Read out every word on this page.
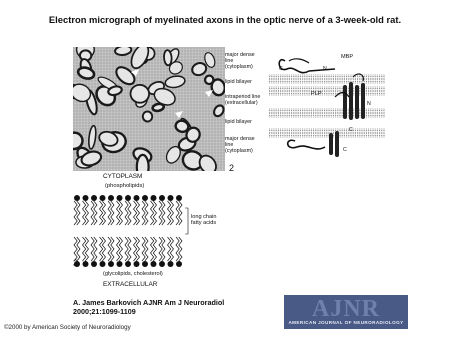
Electron micrograph of myelinated axons in the optic nerve of a 3-week-old rat.
major dense
line
(cytoplasm)
lipid bilayer
intraperiod line
(extracellular)
lipid bilayer
major dense
line
(cytoplasm)
MBP
PLP
C	N
N
C
C
2
CYTOPLASM
(phospholipids)
long chain
fatty acids
(glycolipids, cholesterol)
EXTRACELLULAR
3
A. James Barkovich AJNR Am J Neuroradiol 2000;21:1099-1109	AJNR
AMERICAN JOURNAL OF NEURORADIOLOGY
©2000 by American Society of Neuroradiology
